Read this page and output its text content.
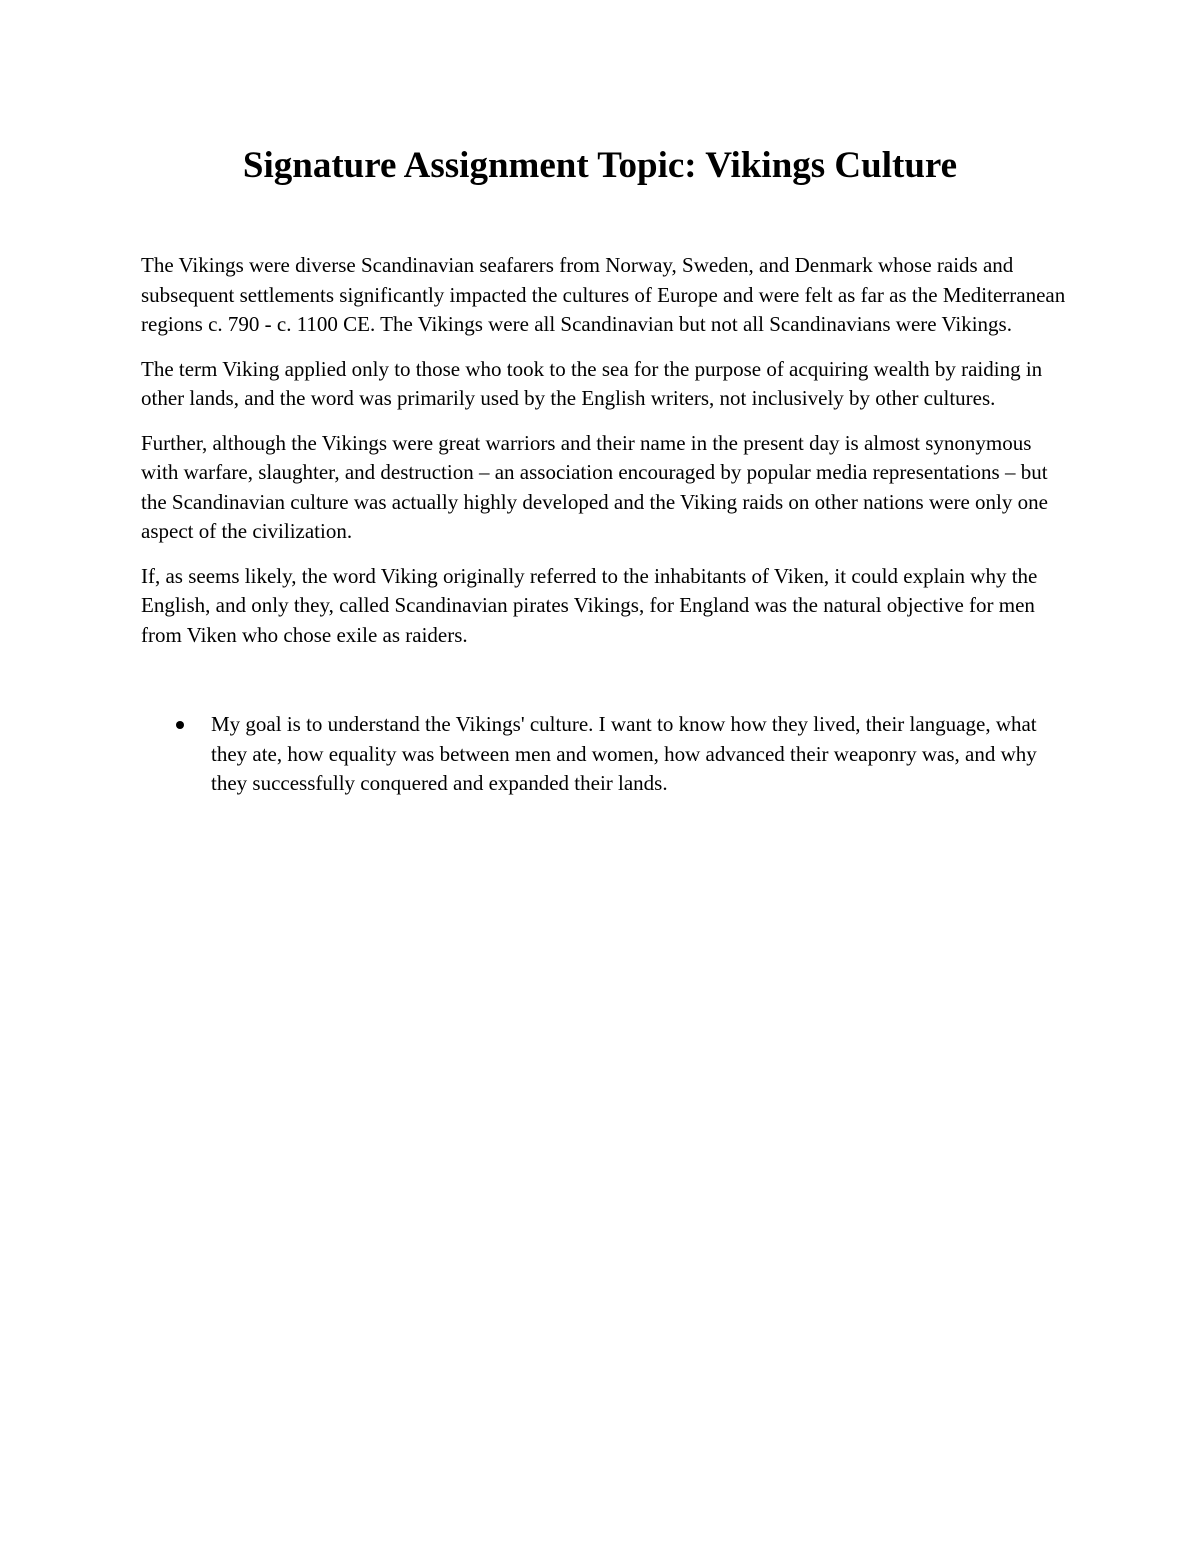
Signature Assignment Topic: Vikings Culture

The Vikings were diverse Scandinavian seafarers from Norway, Sweden, and Denmark whose raids and subsequent settlements significantly impacted the cultures of Europe and were felt as far as the Mediterranean regions c. 790 - c. 1100 CE. The Vikings were all Scandinavian but not all Scandinavians were Vikings.

The term Viking applied only to those who took to the sea for the purpose of acquiring wealth by raiding in other lands, and the word was primarily used by the English writers, not inclusively by other cultures.

Further, although the Vikings were great warriors and their name in the present day is almost synonymous with warfare, slaughter, and destruction – an association encouraged by popular media representations – but the Scandinavian culture was actually highly developed and the Viking raids on other nations were only one aspect of the civilization.

If, as seems likely, the word Viking originally referred to the inhabitants of Viken, it could explain why the English, and only they, called Scandinavian pirates Vikings, for England was the natural objective for men from Viken who chose exile as raiders.

My goal is to understand the Vikings' culture. I want to know how they lived, their language, what they ate, how equality was between men and women, how advanced their weaponry was, and why they successfully conquered and expanded their lands.
